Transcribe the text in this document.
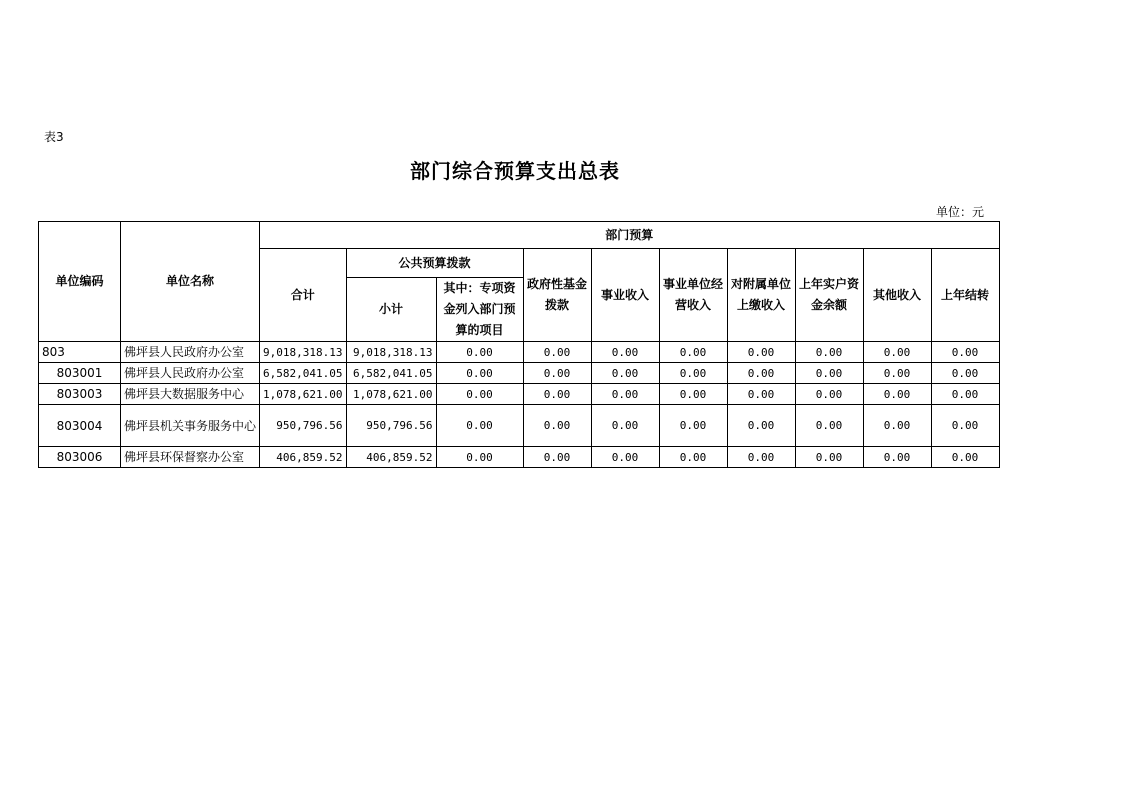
表3
部门综合预算支出总表
单位：元
单位编码	单位名称	部门预算									
		合计	公共预算拨款		政府性基金拨款	事业收入	事业单位经营收入	对附属单位上缴收入	上年实户资金余额	其他收入	上年结转
			小计	其中：专项资金列入部门预算的项目							
803	佛坪县人民政府办公室	9,018,318.13	9,018,318.13	0.00	0.00	0.00	0.00	0.00	0.00	0.00	0.00
803001	佛坪县人民政府办公室	6,582,041.05	6,582,041.05	0.00	0.00	0.00	0.00	0.00	0.00	0.00	0.00
803003	佛坪县大数据服务中心	1,078,621.00	1,078,621.00	0.00	0.00	0.00	0.00	0.00	0.00	0.00	0.00
803004	佛坪县机关事务服务中心	950,796.56	950,796.56	0.00	0.00	0.00	0.00	0.00	0.00	0.00	0.00
803006	佛坪县环保督察办公室	406,859.52	406,859.52	0.00	0.00	0.00	0.00	0.00	0.00	0.00	0.00
